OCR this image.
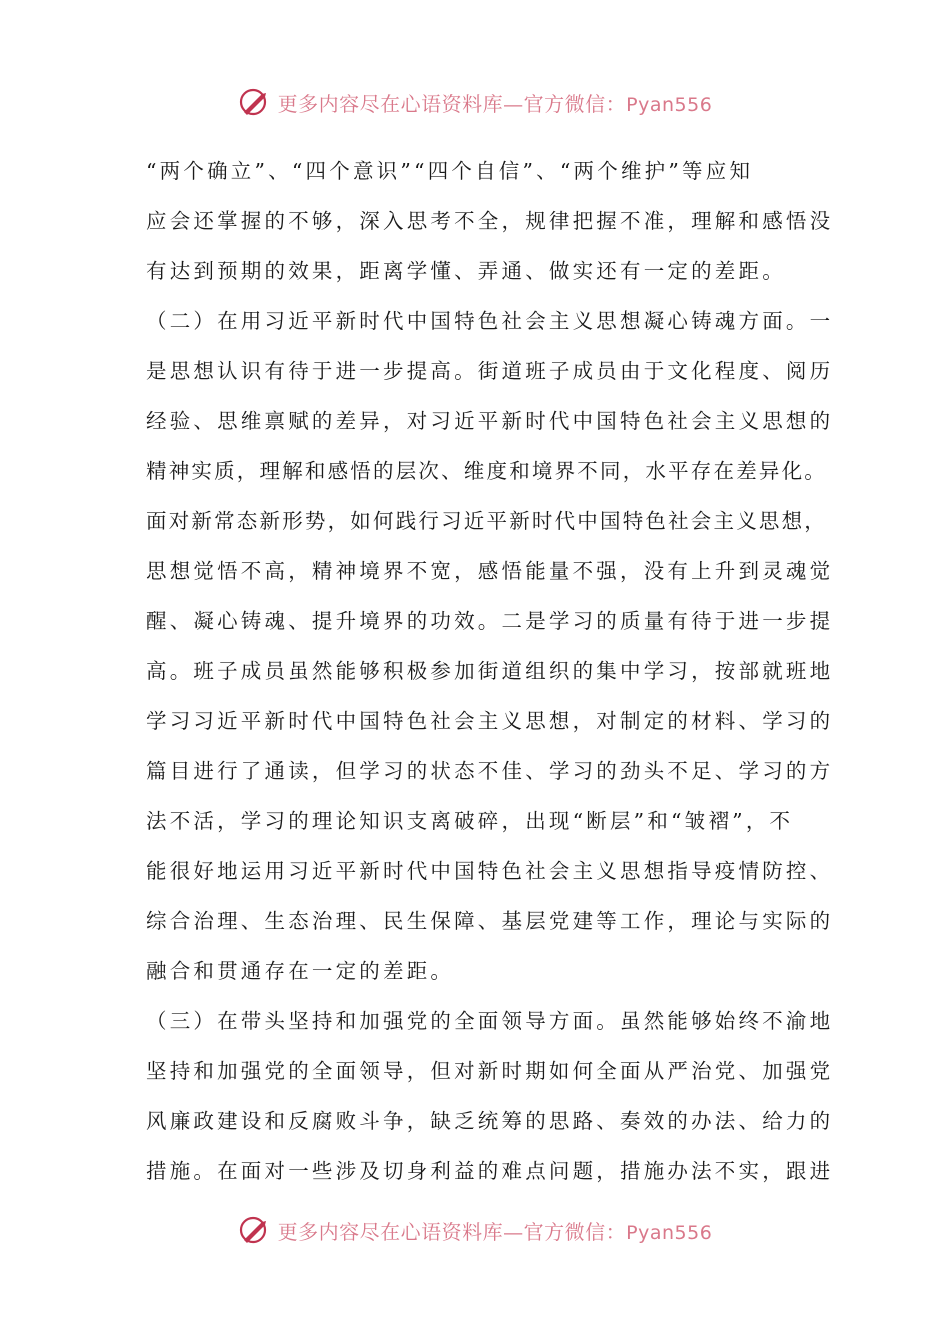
更多内容尽在心语资料库—官方微信：Pyan556
“两个确立”、“四个意识”“四个自信”、“两个维护”等应知
应会还掌握的不够，深入思考不全，规律把握不准，理解和感悟没
有达到预期的效果，距离学懂、弄通、做实还有一定的差距。
（二）在用习近平新时代中国特色社会主义思想凝心铸魂方面。一
是思想认识有待于进一步提高。街道班子成员由于文化程度、阅历
经验、思维禀赋的差异，对习近平新时代中国特色社会主义思想的
精神实质，理解和感悟的层次、维度和境界不同，水平存在差异化。
面对新常态新形势，如何践行习近平新时代中国特色社会主义思想，
思想觉悟不高，精神境界不宽，感悟能量不强，没有上升到灵魂觉
醒、凝心铸魂、提升境界的功效。二是学习的质量有待于进一步提
高。班子成员虽然能够积极参加街道组织的集中学习，按部就班地
学习习近平新时代中国特色社会主义思想，对制定的材料、学习的
篇目进行了通读，但学习的状态不佳、学习的劲头不足、学习的方
法不活，学习的理论知识支离破碎，出现“断层”和“皱褶”，不
能很好地运用习近平新时代中国特色社会主义思想指导疫情防控、
综合治理、生态治理、民生保障、基层党建等工作，理论与实际的
融合和贯通存在一定的差距。
（三）在带头坚持和加强党的全面领导方面。虽然能够始终不渝地
坚持和加强党的全面领导，但对新时期如何全面从严治党、加强党
风廉政建设和反腐败斗争，缺乏统筹的思路、奏效的办法、给力的
措施。在面对一些涉及切身利益的难点问题，措施办法不实，跟进
更多内容尽在心语资料库—官方微信：Pyan556
